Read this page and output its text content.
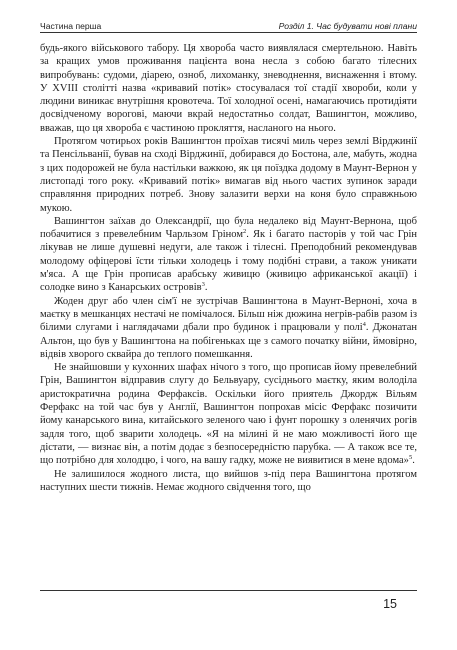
Частина перша	Розділ 1. Час будувати нові плани

будь-якого військового табору. Ця хвороба часто виявлялася смертельною. Навіть за кращих умов проживання пацієнта вона несла з собою багато тілесних випробувань: судоми, діарею, озноб, лихоманку, зневоднення, виснаження і втому. У XVIII столітті назва «кривавий потік» стосувалася тої стадії хвороби, коли у людини виникає внутрішня кровотеча. Тої холодної осені, намагаючись протидіяти досвідченому ворогові, маючи вкрай недостатньо солдат, Вашингтон, можливо, вважав, що ця хвороба є частиною прокляття, насланого на нього.

Протягом чотирьох років Вашингтон проїхав тисячі миль через землі Вірджинії та Пенсільванії, бував на сході Вірджинії, добирався до Бостона, але, мабуть, жодна з цих подорожей не була настільки важкою, як ця поїздка додому в Маунт-Вернон у листопаді того року. «Кривавий потік» вимагав від нього частих зупинок заради справляння природних потреб. Знову залазити верхи на коня було справжньою мукою.

Вашингтон заїхав до Олександрії, що була недалеко від Маунт-Вернона, щоб побачитися з превелебним Чарльзом Гріном$^2$. Як і багато пасторів у той час Грін лікував не лише душевні недуги, але також і тілесні. Преподобний рекомендував молодому офіцерові їсти тільки холодець і тому подібні страви, а також уникати м'яса. А ще Грін прописав арабську живицю (живицю африканської акації) і солодке вино з Канарських островів$^3$.

Жоден друг або член сім'ї не зустрічав Вашингтона в Маунт-Верноні, хоча в маєтку в мешканцях нестачі не помічалося. Більш ніж дюжина негрів-рабів разом із білими слугами і наглядачами дбали про будинок і працювали у полі$^4$. Джонатан Альтон, що був у Вашингтона на побігеньках ще з самого початку війни, ймовірно, відвів хворого сквайра до теплого помешкання.

Не знайшовши у кухонних шафах нічого з того, що прописав йому превелебний Грін, Вашингтон відправив слугу до Бельвуару, сусіднього маєтку, яким володіла аристократична родина Ферфаксів. Оскільки його приятель Джордж Вільям Ферфакс на той час був у Англії, Вашингтон попрохав місіс Ферфакс позичити йому канарського вина, китайського зеленого чаю і фунт порошку з оленячих рогів задля того, щоб зварити холодець. «Я на мілині й не маю можливості його ще дістати, — визнає він, а потім додає з безпосередністю парубка. — А також все те, що потрібно для холодцю, і чого, на вашу гадку, може не виявитися в мене вдома»$^5$.

Не залишилося жодного листа, що вийшов з-під пера Вашингтона протягом наступних шести тижнів. Немає жодного свідчення того, що

15
